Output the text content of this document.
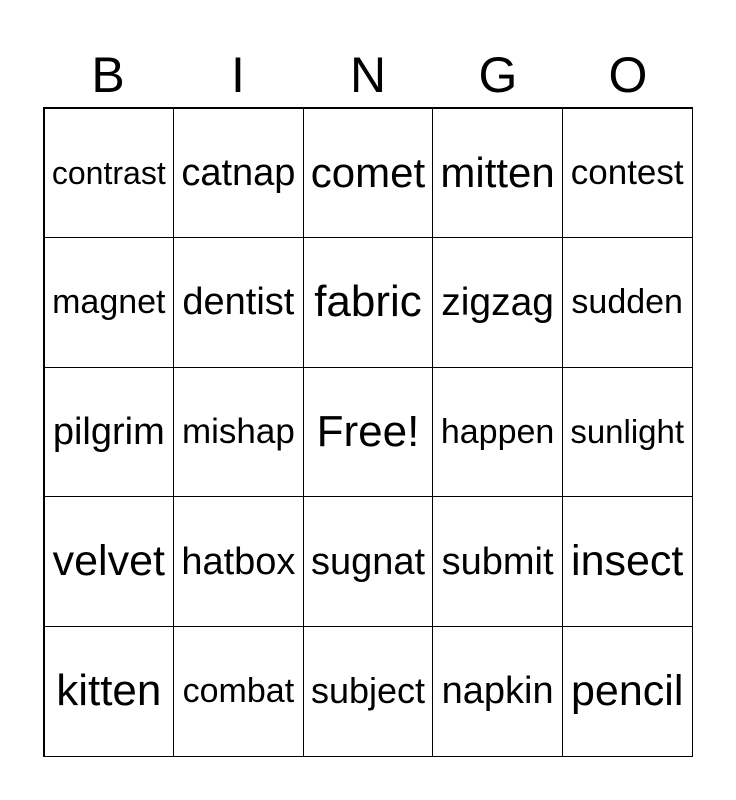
B	I	N	G	O
contrast catnap comet mitten contest
magnet dentist fabric zigzag sudden
pilgrim mishap Free! happen sunlight
velvet hatbox sugnat submit insect
kitten combat subject napkin pencil
